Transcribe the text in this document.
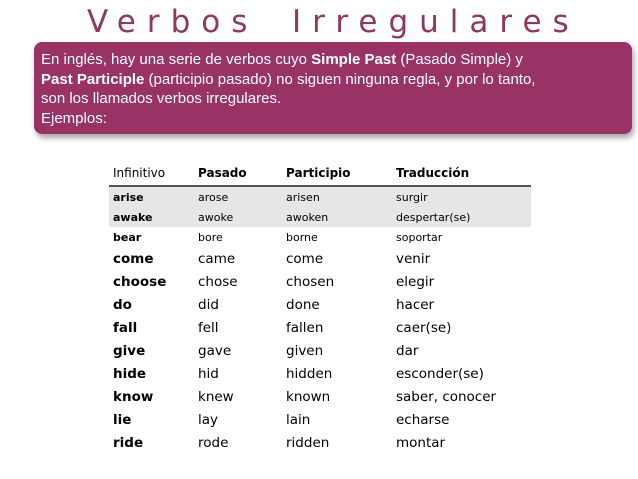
Verbos Irregulares
En inglés, hay una serie de verbos cuyo Simple Past (Pasado Simple) y
Past Participle (participio pasado) no siguen ninguna regla, y por lo tanto,
son los llamados verbos irregulares.
Ejemplos:
Infinitivo	Pasado	Participio	Traducción
arise	arose	arisen	surgir
awake	awoke	awoken	despertar(se)
bear	bore	borne	soportar
come	came	come	venir
choose	chose	chosen	elegir
do	did	done	hacer
fall	fell	fallen	caer(se)
give	gave	given	dar
hide	hid	hidden	esconder(se)
know	knew	known	saber, conocer
lie	lay	lain	echarse
ride	rode	ridden	montar
